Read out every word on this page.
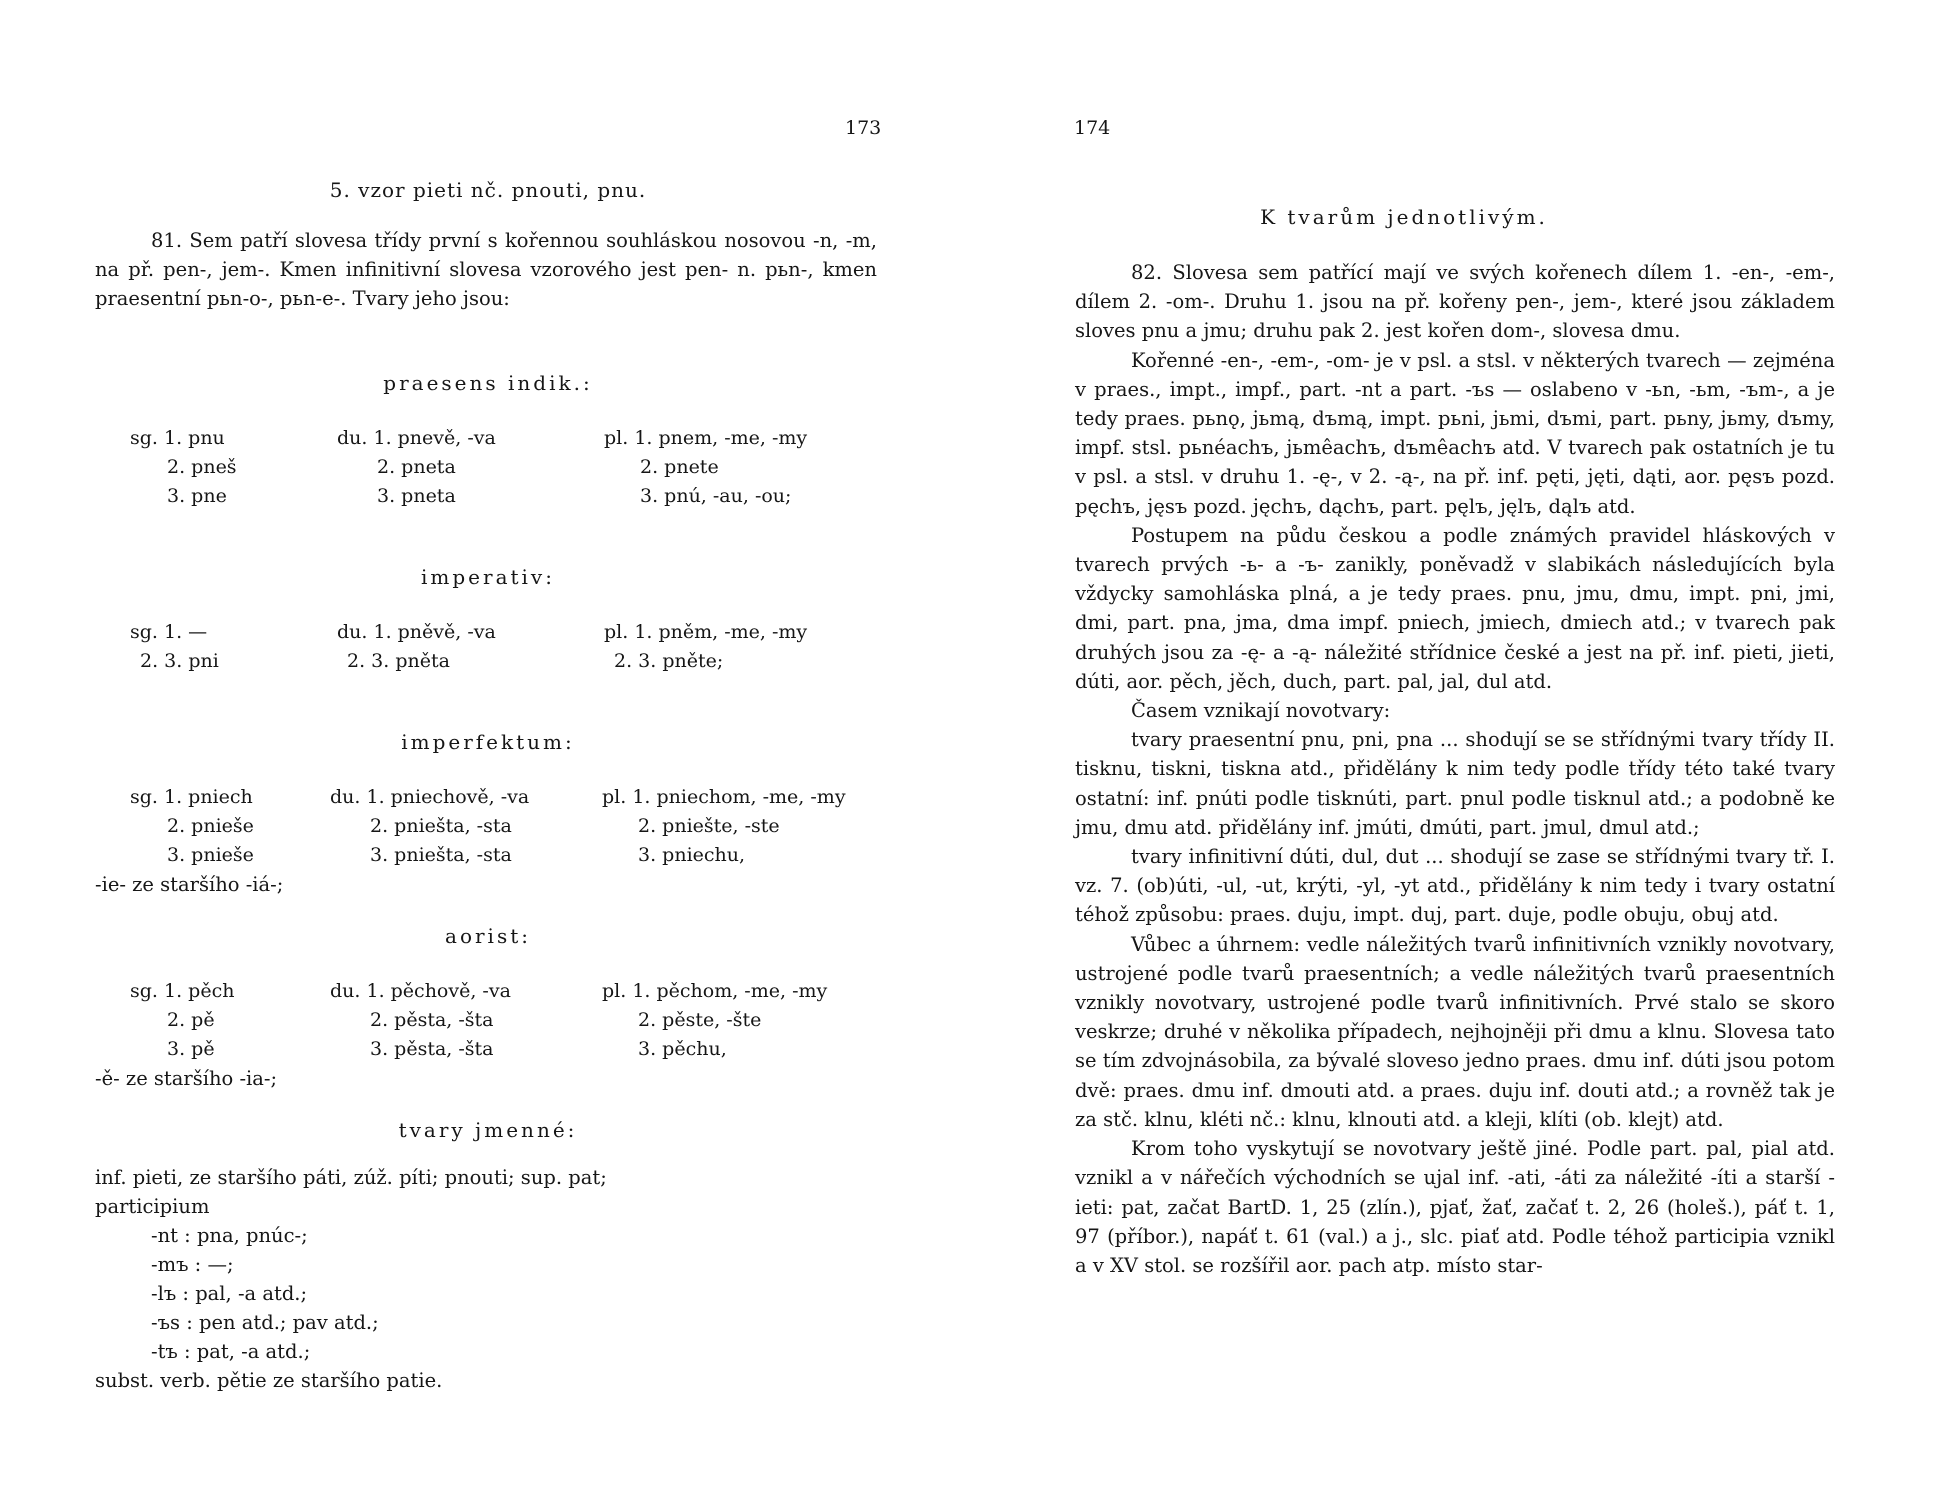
173
5. vzor pieti nč. pnouti, pnu.

81. Sem patří slovesa třídy první s kořennou souhláskou nosovou -n, -m, na př. pen-, jem-. Kmen infinitivní slovesa vzorového jest pen- n. pьn-, kmen praesentní pьn-o-, pьn-e-. Tvary jeho jsou:

praesens indik.:
sg. 1. pnu
2. pneš
3. pne
du. 1. pnevě, -va
2. pneta
3. pneta
pl. 1. pnem, -me, -my
2. pnete
3. pnú, -au, -ou;
imperativ:
sg. 1. —
2. 3. pni
du. 1. pněvě, -va
2. 3. pněta
pl. 1. pněm, -me, -my
2. 3. pněte;
imperfektum:
sg. 1. pniech
2. pnieše
3. pnieše
du. 1. pniechově, -va
2. pniešta, -sta
3. pniešta, -sta
pl. 1. pniechom, -me, -my
2. pniešte, -ste
3. pniechu,
-ie- ze staršího -iá-;
aorist:
sg. 1. pěch
2. pě
3. pě
du. 1. pěchově, -va
2. pěsta, -šta
3. pěsta, -šta
pl. 1. pěchom, -me, -my
2. pěste, -šte
3. pěchu,
-ě- ze staršího -ia-;
tvary jmenné:
inf. pieti, ze staršího páti, zúž. píti; pnouti; sup. pat;
participium
-nt : pna, pnúc-;
-mъ : —;
-lъ : pal, -a atd.;
-ъs : pen atd.; pav atd.;
-tъ : pat, -a atd.;
subst. verb. pětie ze staršího patie.
174
K tvarům jednotlivým.

82. Slovesa sem patřící mají ve svých kořenech dílem 1. -en-, -em-, dílem 2. -om-. Druhu 1. jsou na př. kořeny pen-, jem-, které jsou základem sloves pnu a jmu; druhu pak 2. jest kořen dom-, slovesa dmu.

Kořenné -en-, -em-, -om- je v psl. a stsl. v některých tvarech — zejména v praes., impt., impf., part. -nt a part. -ъs — oslabeno v -ьn, -ьm, -ъm-, a je tedy praes. pьnǫ, jьmą, dъmą, impt. pьni, jьmi, dъmi, part. pьny, jьmy, dъmy, impf. stsl. pьnéachъ, jьmêachъ, dъmêachъ atd. V tvarech pak ostatních je tu v psl. a stsl. v druhu 1. -ę-, v 2. -ą-, na př. inf. pęti, jęti, dąti, aor. pęsъ pozd. pęchъ, jęsъ pozd. jęchъ, dąchъ, part. pęlъ, jęlъ, dąlъ atd.

Postupem na půdu českou a podle známých pravidel hláskových v tvarech prvých -ь- a -ъ- zanikly, poněvadž v slabikách následujících byla vždycky samohláska plná, a je tedy praes. pnu, jmu, dmu, impt. pni, jmi, dmi, part. pna, jma, dma impf. pniech, jmiech, dmiech atd.; v tvarech pak druhých jsou za -ę- a -ą- náležité střídnice české a jest na př. inf. pieti, jieti, dúti, aor. pěch, jěch, duch, part. pal, jal, dul atd.

Časem vznikají novotvary:

tvary praesentní pnu, pni, pna ... shodují se se střídnými tvary třídy II. tisknu, tiskni, tiskna atd., přidělány k nim tedy podle třídy této také tvary ostatní: inf. pnúti podle tisknúti, part. pnul podle tisknul atd.; a podobně ke jmu, dmu atd. přidělány inf. jmúti, dmúti, part. jmul, dmul atd.;

tvary infinitivní dúti, dul, dut ... shodují se zase se střídnými tvary tř. I. vz. 7. (ob)úti, -ul, -ut, krýti, -yl, -yt atd., přidělány k nim tedy i tvary ostatní téhož způsobu: praes. duju, impt. duj, part. duje, podle obuju, obuj atd.

Vůbec a úhrnem: vedle náležitých tvarů infinitivních vznikly novotvary, ustrojené podle tvarů praesentních; a vedle náležitých tvarů praesentních vznikly novotvary, ustrojené podle tvarů infinitivních. Prvé stalo se skoro veskrze; druhé v několika případech, nejhojněji při dmu a klnu. Slovesa tato se tím zdvojnásobila, za bývalé sloveso jedno praes. dmu inf. dúti jsou potom dvě: praes. dmu inf. dmouti atd. a praes. duju inf. douti atd.; a rovněž tak je za stč. klnu, kléti nč.: klnu, klnouti atd. a kleji, klíti (ob. klejt) atd.

Krom toho vyskytují se novotvary ještě jiné. Podle part. pal, pial atd. vznikl a v nářečích východních se ujal inf. -ati, -áti za náležité -íti a starší -ieti: pat, začat BartD. 1, 25 (zlín.), pjať, žať, začať t. 2, 26 (holeš.), páť t. 1, 97 (příbor.), napáť t. 61 (val.) a j., slc. piať atd. Podle téhož participia vznikl a v XV stol. se rozšířil aor. pach atp. místo star-
